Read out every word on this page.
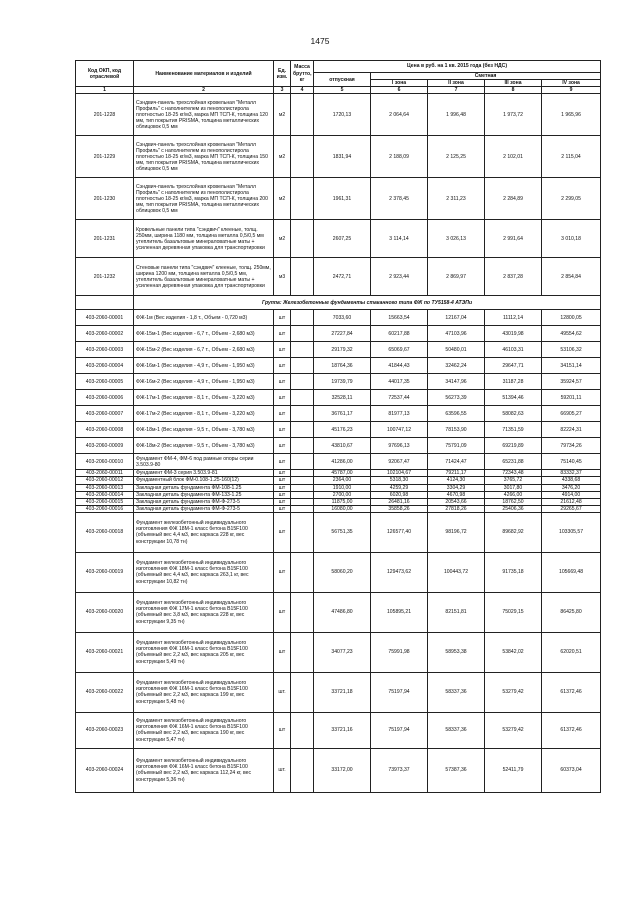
1475
Код ОКП, код отраслевой	Наименование материалов и изделий	Ед. изм.	Масса брутто, кг	Цена в руб. на 1 кв. 2015 года (без НДС)				
				отпускная	Сметная			
					I зона	II зона	III зона	IV зона
1	2	3	4	5	6	7	8	9
201-1228	Сэндвич-панель трехслойная кровельная "Металл Профиль" с наполнителем из пенополистирола плотностью 18-25 кг/м3, марка МП ТСП-К, толщина 120 мм, тип покрытия PRISMA, толщина металлических облицовок 0,5 мм	м2		1720,13	2 064,64	1 996,48	1 973,72	1 965,96
201-1229	Сэндвич-панель трехслойная кровельная "Металл Профиль" с наполнителем из пенополистирола плотностью 18-25 кг/м3, марка МП ТСП-К, толщина 150 мм, тип покрытия PRISMA, толщина металлических облицовок 0,5 мм	м2		1831,94	2 188,09	2 125,25	2 102,01	2 115,04
201-1230	Сэндвич-панель трехслойная кровельная "Металл Профиль" с наполнителем из пенополистирола плотностью 18-25 кг/м3, марка МП ТСП-К, толщина 200 мм, тип покрытия PRISMA, толщина металлических облицовок 0,5 мм	м2		1961,31	2 378,45	2 311,23	2 284,89	2 299,05
201-1231	Кровельные панели типа "сэндвич" клееные, толщ. 250мм, ширина 1180 мм, толщина металла 0,5/0,5 мм утеплитель базальтовые минераловатные маты + усиленная деревянная упаковка для транспортировки	м2		2607,25	3 114,14	3 026,13	2 991,64	3 010,18
201-1232	Стеновые панели типа "сэндвич" клееные, толщ. 250мм, ширина 1200 мм, толщина металла 0,5/0,5 мм, утеплитель базальтовые минераловатные маты + усиленная деревянная упаковка для транспортировки	м3		2472,71	2 923,44	2 869,97	2 837,28	2 854,84
	Группа: Железобетонные фундаменты стаканного типа ФЖ по ТУ5158-4 АТЭПи							
403-2060-00001	ФЖ-1м (Вес изделия - 1,8 т., Объем - 0,720 м3)	шт		7033,60	15663,54	12167,04	11112,14	12800,05
403-2060-00002	ФЖ-15м-1 (Вес изделия - 6,7 т., Объем - 2,680 м3)	шт		27227,84	60217,88	47103,96	43019,98	49554,62
403-2060-00003	ФЖ-15м-2 (Вес изделия - 6,7 т., Объем - 2,680 м3)	шт		29179,32	65069,67	50480,01	46103,31	53106,32
403-2060-00004	ФЖ-16м-1 (Вес изделия - 4,9 т., Объем - 1,950 м3)	шт		18764,36	41844,43	32462,24	29647,71	34151,14
403-2060-00005	ФЖ-16м-2 (Вес изделия - 4,9 т., Объем - 1,950 м3)	шт		19739,79	44017,35	34147,96	31187,28	35924,57
403-2060-00006	ФЖ-17м-1 (Вес изделия - 8,1 т., Объем - 3,220 м3)	шт		32528,11	72537,44	56273,39	51394,46	59201,11
403-2060-00007	ФЖ-17м-2 (Вес изделия - 8,1 т., Объем - 3,220 м3)	шт		36761,17	81977,13	63596,55	58082,63	66905,27
403-2060-00008	ФЖ-18м-1 (Вес изделия - 9,5 т., Объем - 3,780 м3)	шт		45176,23	100747,12	78153,90	71351,59	82224,31
403-2060-00009	ФЖ-18м-2 (Вес изделия - 9,5 т., Объем - 3,780 м3)	шт		43810,67	97696,13	75791,09	69219,89	79734,26
403-2060-00010	Фундамент ФМ-4, ФМ-6 под рамные опоры серии 3.503.9-80	шт		41286,00	92067,47	71424,47	65231,88	75140,45
403-2060-00011	Фундамент ФМ-3 серия 3.503.9-81	шт		45787,00	102104,67	79211,17	72343,48	83332,37
403-2060-00012	Фундаментный блок ФМ-0.108-1.25-160(12)	шт		2364,00	5318,30	4124,30	3765,72	4338,68
403-2060-00013	Закладная деталь фундамента ФМ-108-1.25	шт		1910,00	4259,29	3304,29	3017,80	3476,20
403-2060-00014	Закладная деталь фундамента ФМ-133-1.25	шт		2700,00	6020,98	4670,98	4266,00	4914,00
403-2060-00015	Закладная деталь фундамента ФМ-Ф-273-5	шт		11875,00	26481,16	20543,66	18762,50	21612,48
403-2060-00016	Закладная деталь фундамента ФМ-Ф-273-5	шт		16080,00	35858,26	27818,26	25406,36	29265,67
403-2060-00018	Фундамент железобетонный индивидуального изготовления ФЖ 18М-1 класс бетона В15F100 (объемный вес 4,4 м3, вес каркаса 228 кг, вес конструкции 10,78 тн)	шт		56751,35	126577,40	98196,72	89682,92	103305,57
403-2060-00019	Фундамент железобетонный индивидуального изготовления ФЖ 18М-1 класс бетона В15F100 (объемный вес 4,4 м3, вес каркаса 263,1 кг, вес конструкции 10,82 тн)	шт		58060,20	129473,62	100443,72	91735,18	105669,48
403-2060-00020	Фундамент железобетонный индивидуального изготовления ФЖ 17М-1 класс бетона В15F100 (объемный вес 3,8 м3, вес каркаса 228 кг, вес конструкции 9,35 тн)	шт		47486,80	105895,21	82151,81	75029,15	86425,80
403-2060-00021	Фундамент железобетонный индивидуального изготовления ФЖ 16М-1 класс бетона В15F100 (объемный вес 2,2 м3, вес каркаса 205 кг, вес конструкции 5,49 тн)	шт		34077,23	75991,98	58953,38	53842,02	62020,51
403-2060-00022	Фундамент железобетонный индивидуального изготовления ФЖ 16М-1 класс бетона В15F100 (объемный вес 2,2 м3, вес каркаса 199 кг, вес конструкции 5,48 тн)	шт.		33721,18	75197,94	58337,36	53279,42	61372,46
403-2060-00023	Фундамент железобетонный индивидуального изготовления ФЖ 16М-1 класс бетона В15F100 (объемный вес 2,2 м3, вес каркаса 190 кг, вес конструкции 5,47 тн)	шт		33721,16	75197,94	58337,36	53279,42	61372,46
403-2060-00024	Фундамент железобетонный индивидуального изготовления ФЖ 16М-1 класс бетона В15F100 (объемный вес 2,2 м3, вес каркаса 112,24 кг, вес конструкции 5,36 тн)	шт.		33172,00	73973,37	57387,36	52411,79	60373,04
